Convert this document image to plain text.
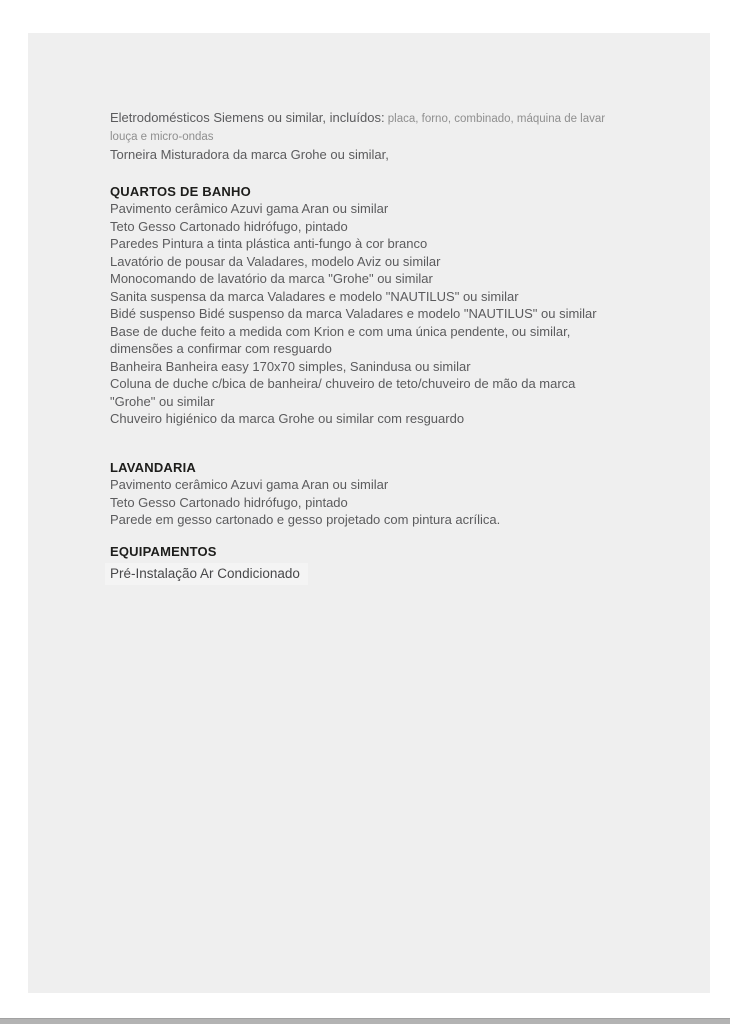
Eletrodomésticos Siemens ou similar, incluídos: placa, forno, combinado, máquina de lavar
louça e micro-ondas
Torneira Misturadora da marca Grohe ou similar,
QUARTOS DE BANHO
Pavimento cerâmico Azuvi gama Aran ou similar
Teto Gesso Cartonado hidrófugo, pintado
Paredes Pintura a tinta plástica anti-fungo à cor branco
Lavatório de pousar da Valadares, modelo Aviz ou similar
Monocomando de lavatório da marca "Grohe" ou similar
Sanita suspensa da marca Valadares e modelo "NAUTILUS" ou similar
Bidé suspenso Bidé suspenso da marca Valadares e modelo "NAUTILUS" ou similar
Base de duche feito a medida com Krion e com uma única pendente, ou similar,
dimensões a confirmar com resguardo
Banheira Banheira easy 170x70 simples, Sanindusa ou similar
Coluna de duche c/bica de banheira/ chuveiro de teto/chuveiro de mão da marca
"Grohe" ou similar
Chuveiro higiénico da marca Grohe ou similar com resguardo
LAVANDARIA
Pavimento cerâmico Azuvi gama Aran ou similar
Teto Gesso Cartonado hidrófugo, pintado
Parede em gesso cartonado e gesso projetado com pintura acrílica.
EQUIPAMENTOS
Pré-Instalação Ar Condicionado
